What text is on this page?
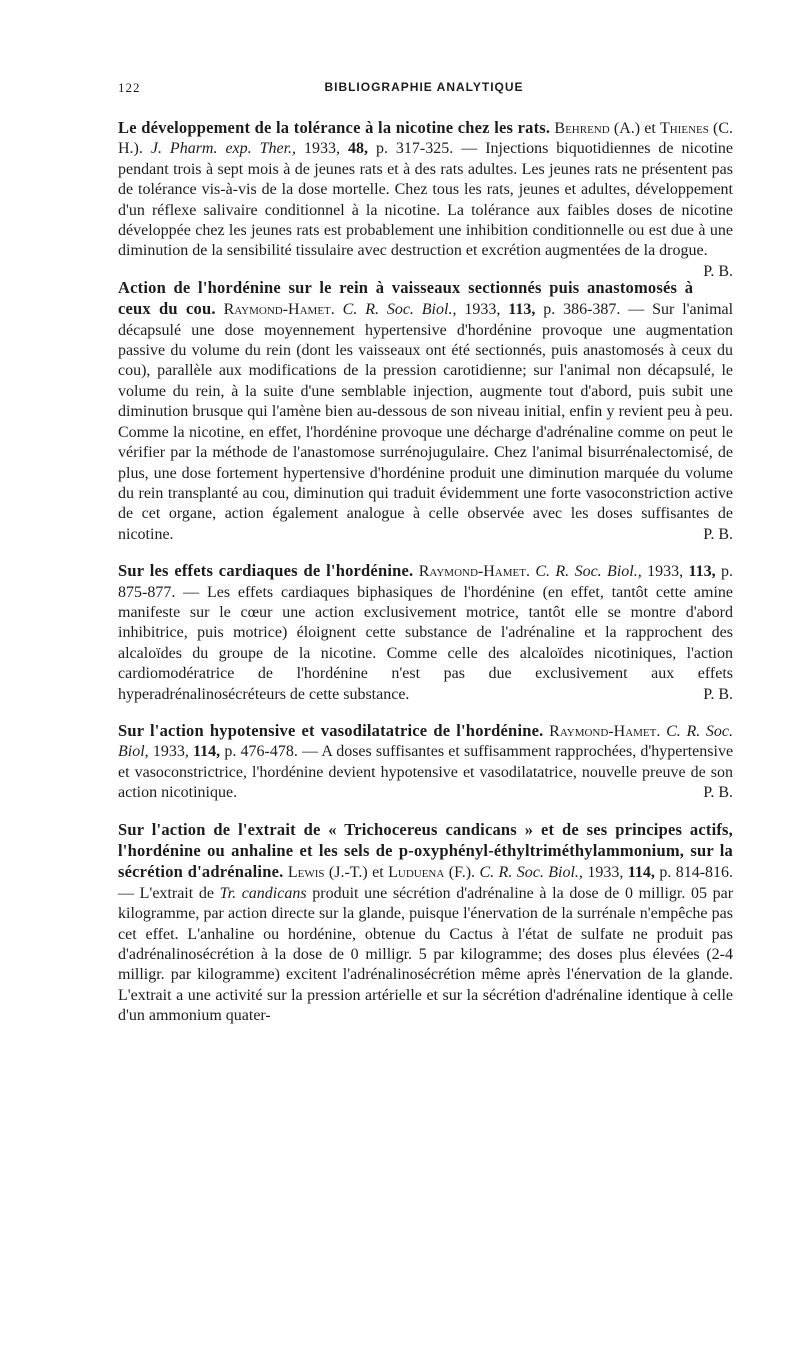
122	BIBLIOGRAPHIE ANALYTIQUE

Le développement de la tolérance à la nicotine chez les rats. Behrend (A.) et Thienes (C. H.). J. Pharm. exp. Ther., 1933, 48, p. 317-325. — Injections biquotidiennes de nicotine pendant trois à sept mois à de jeunes rats et à des rats adultes. Les jeunes rats ne présentent pas de tolérance vis-à-vis de la dose mortelle. Chez tous les rats, jeunes et adultes, développement d'un réflexe salivaire conditionnel à la nicotine. La tolérance aux faibles doses de nicotine développée chez les jeunes rats est probablement une inhibition conditionnelle ou est due à une diminution de la sensibilité tissulaire avec destruction et excrétion augmentées de la drogue.
P. B.

Action de l'hordénine sur le rein à vaisseaux sectionnés puis anastomosés à ceux du cou. Raymond-Hamet. C. R. Soc. Biol., 1933, 113, p. 386-387. — Sur l'animal décapsulé une dose moyennement hypertensive d'hordénine provoque une augmentation passive du volume du rein (dont les vaisseaux ont été sectionnés, puis anastomosés à ceux du cou), parallèle aux modifications de la pression carotidienne; sur l'animal non décapsulé, le volume du rein, à la suite d'une semblable injection, augmente tout d'abord, puis subit une diminution brusque qui l'amène bien au-dessous de son niveau initial, enfin y revient peu à peu. Comme la nicotine, en effet, l'hordénine provoque une décharge d'adrénaline comme on peut le vérifier par la méthode de l'anastomose surrénojugulaire. Chez l'animal bisurrénalectomisé, de plus, une dose fortement hypertensive d'hordénine produit une diminution marquée du volume du rein transplanté au cou, diminution qui traduit évidemment une forte vasoconstriction active de cet organe, action également analogue à celle observée avec les doses suffisantes de nicotine.	P. B.

Sur les effets cardiaques de l'hordénine. Raymond-Hamet. C. R. Soc. Biol., 1933, 113, p. 875-877. — Les effets cardiaques biphasiques de l'hordénine (en effet, tantôt cette amine manifeste sur le cœur une action exclusivement motrice, tantôt elle se montre d'abord inhibitrice, puis motrice) éloignent cette substance de l'adrénaline et la rapprochent des alcaloïdes du groupe de la nicotine. Comme celle des alcaloïdes nicotiniques, l'action cardiomodératrice de l'hordénine n'est pas due exclusivement aux effets hyperadrénalinosécréteurs de cette substance.	P. B.

Sur l'action hypotensive et vasodilatatrice de l'hordénine. Raymond-Hamet. C. R. Soc. Biol, 1933, 114, p. 476-478. — A doses suffisantes et suffisamment rapprochées, d'hypertensive et vasoconstrictrice, l'hordénine devient hypotensive et vasodilatatrice, nouvelle preuve de son action nicotinique.	P. B.

Sur l'action de l'extrait de « Trichocereus candicans » et de ses principes actifs, l'hordénine ou anhaline et les sels de p-oxyphényl-éthyltriméthylammonium, sur la sécrétion d'adrénaline. Lewis (J.-T.) et Luduena (F.). C. R. Soc. Biol., 1933, 114, p. 814-816. — L'extrait de Tr. candicans produit une sécrétion d'adrénaline à la dose de 0 milligr. 05 par kilogramme, par action directe sur la glande, puisque l'énervation de la surrénale n'empêche pas cet effet. L'anhaline ou hordénine, obtenue du Cactus à l'état de sulfate ne produit pas d'adrénalinosécrétion à la dose de 0 milligr. 5 par kilogramme; des doses plus élevées (2-4 milligr. par kilogramme) excitent l'adrénalinosécrétion même après l'énervation de la glande. L'extrait a une activité sur la pression artérielle et sur la sécrétion d'adrénaline identique à celle d'un ammonium quater-
